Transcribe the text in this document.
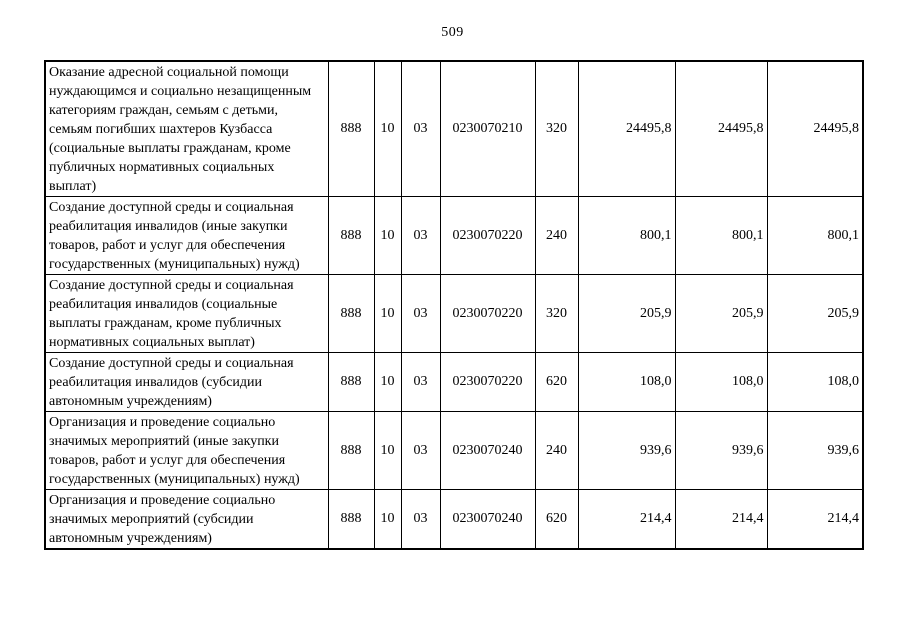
509
Оказание адресной социальной помощи нуждающимся и социально незащищенным категориям граждан, семьям с детьми, семьям погибших шахтеров Кузбасса (социальные выплаты гражданам, кроме публичных нормативных социальных выплат)	888	10	03	0230070210	320	24495,8	24495,8	24495,8
Создание доступной среды и социальная реабилитация инвалидов (иные закупки товаров, работ и услуг для обеспечения государственных (муниципальных) нужд)	888	10	03	0230070220	240	800,1	800,1	800,1
Создание доступной среды и социальная реабилитация инвалидов (социальные выплаты гражданам, кроме публичных нормативных социальных выплат)	888	10	03	0230070220	320	205,9	205,9	205,9
Создание доступной среды и социальная реабилитация инвалидов (субсидии автономным учреждениям)	888	10	03	0230070220	620	108,0	108,0	108,0
Организация и проведение социально значимых мероприятий (иные закупки товаров, работ и услуг для обеспечения государственных (муниципальных) нужд)	888	10	03	0230070240	240	939,6	939,6	939,6
Организация и проведение социально значимых мероприятий (субсидии автономным учреждениям)	888	10	03	0230070240	620	214,4	214,4	214,4
